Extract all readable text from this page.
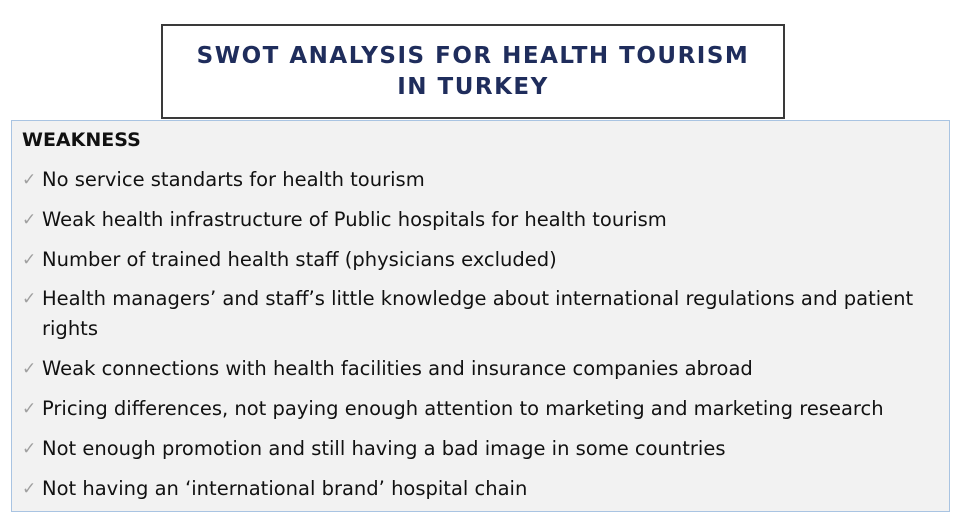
SWOT ANALYSIS FOR HEALTH TOURISM IN TURKEY
WEAKNESS
✓ No service standarts for health tourism
✓ Weak health infrastructure of Public hospitals for health tourism
✓ Number of trained health staff (physicians excluded)
✓ Health managers’ and staff’s little knowledge about international regulations and patient rights
✓ Weak connections with health facilities and insurance companies abroad
✓ Pricing differences, not paying enough attention to marketing and marketing research
✓ Not enough promotion and still having a bad image in some countries
✓ Not having an ‘international brand’ hospital chain
